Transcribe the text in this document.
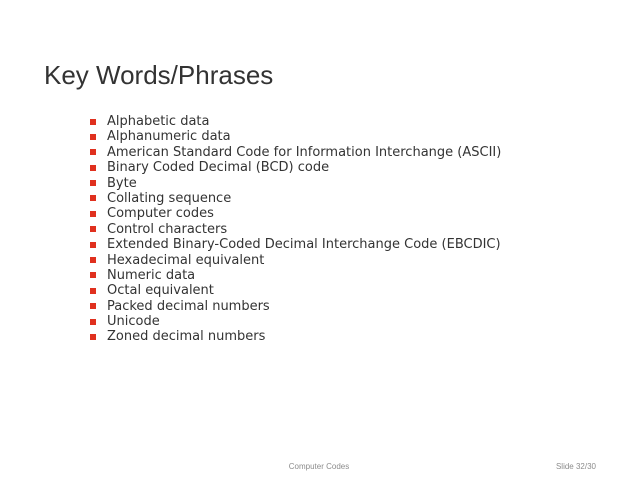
Key Words/Phrases
Alphabetic data
Alphanumeric data
American Standard Code for Information Interchange (ASCII)
Binary Coded Decimal (BCD) code
Byte
Collating sequence
Computer codes
Control characters
Extended Binary-Coded Decimal Interchange Code (EBCDIC)
Hexadecimal equivalent
Numeric data
Octal equivalent
Packed decimal numbers
Unicode
Zoned decimal numbers
Computer Codes	Slide 32/30
